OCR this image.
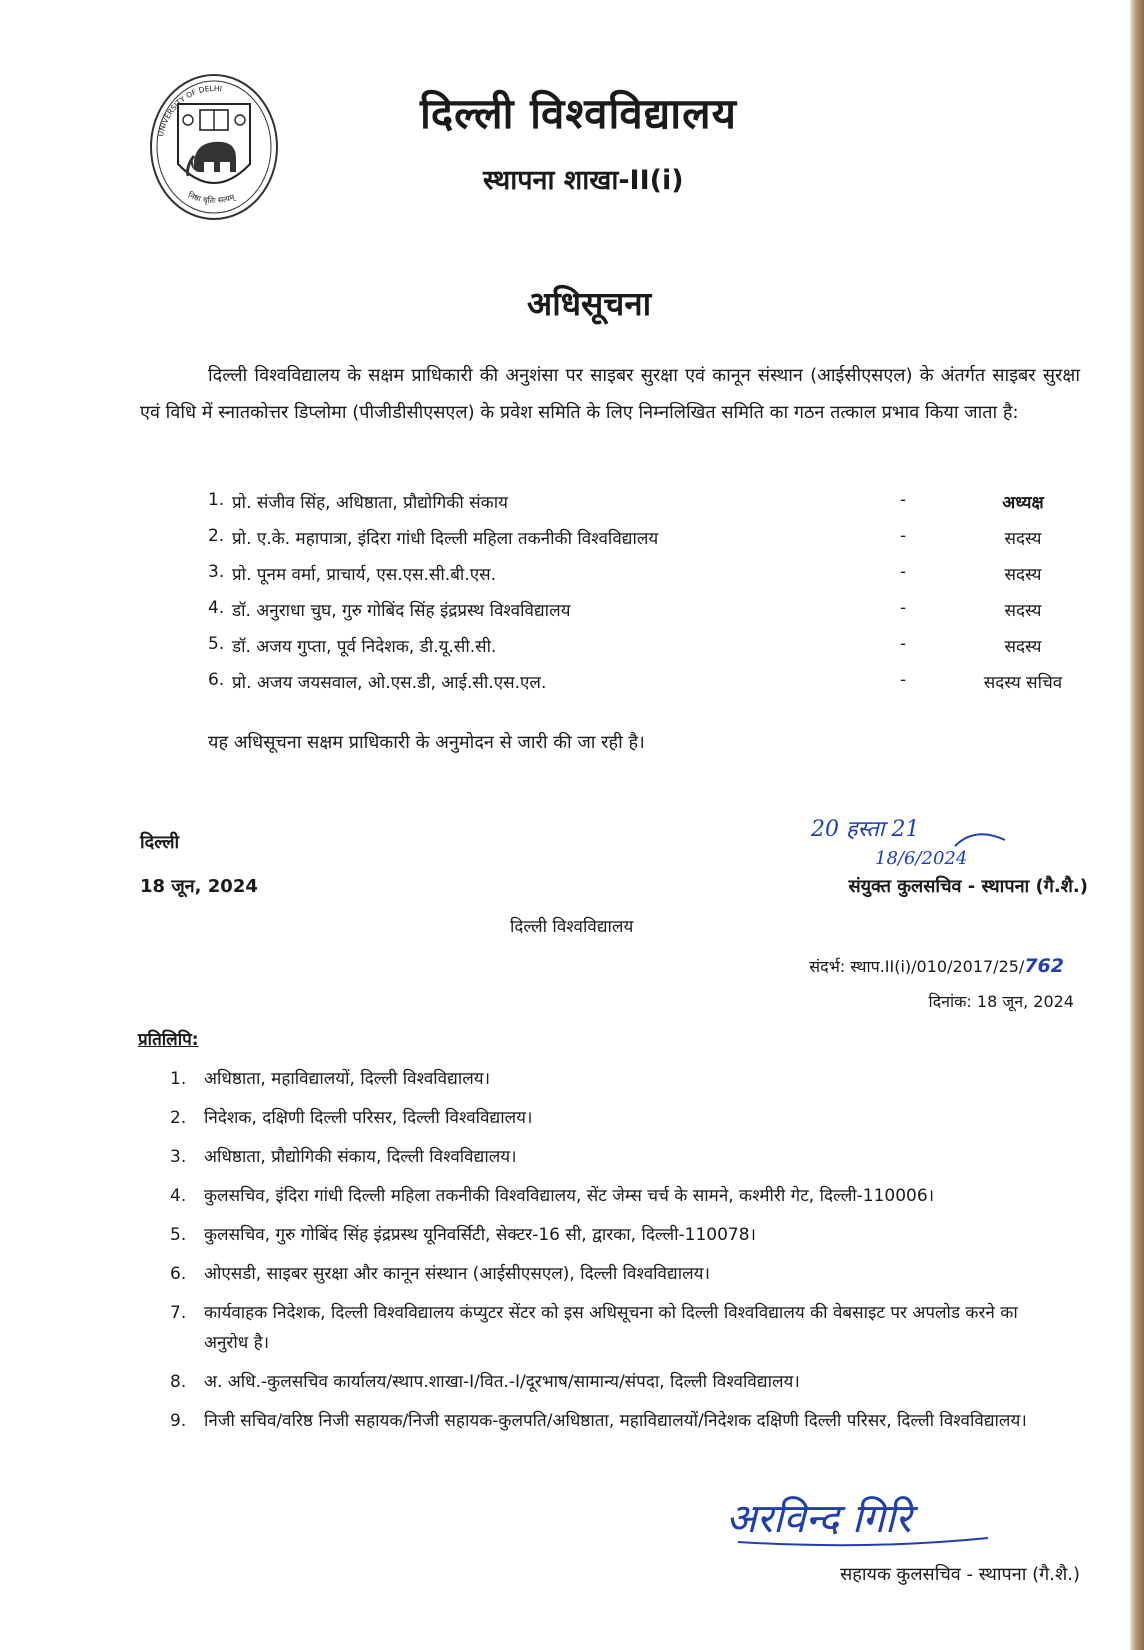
UNIVERSITY OF DELHI
निष्ठा धृतिः सत्यम्
दिल्ली विश्वविद्यालय
स्थापना शाखा-II(i)
अधिसूचना

दिल्ली विश्वविद्यालय के सक्षम प्राधिकारी की अनुशंसा पर साइबर सुरक्षा एवं कानून संस्थान (आईसीएसएल) के अंतर्गत साइबर सुरक्षा एवं विधि में स्नातकोत्तर डिप्लोमा (पीजीडीसीएसएल) के प्रवेश समिति के लिए निम्नलिखित समिति का गठन तत्काल प्रभाव किया जाता है:

1. प्रो. संजीव सिंह, अधिष्ठाता, प्रौद्योगिकी संकाय	-	अध्यक्ष
2. प्रो. ए.के. महापात्रा, इंदिरा गांधी दिल्ली महिला तकनीकी विश्वविद्यालय	-	सदस्य
3. प्रो. पूनम वर्मा, प्राचार्य, एस.एस.सी.बी.एस.	-	सदस्य
4. डॉ. अनुराधा चुघ, गुरु गोबिंद सिंह इंद्रप्रस्थ विश्वविद्यालय	-	सदस्य
5. डॉ. अजय गुप्ता, पूर्व निदेशक, डी.यू.सी.सी.	-	सदस्य
6. प्रो. अजय जयसवाल, ओ.एस.डी, आई.सी.एस.एल.	-	सदस्य सचिव

यह अधिसूचना सक्षम प्राधिकारी के अनुमोदन से जारी की जा रही है।

दिल्ली

18 जून, 2024

20 हस्ता 21
18/6/2024

संयुक्त कुलसचिव - स्थापना (गै.शै.)

दिल्ली विश्वविद्यालय

संदर्भ: स्थाप.II(i)/010/2017/25/762

दिनांक: 18 जून, 2024

प्रतिलिपि:

1. अधिष्ठाता, महाविद्यालयों, दिल्ली विश्वविद्यालय।
2. निदेशक, दक्षिणी दिल्ली परिसर, दिल्ली विश्वविद्यालय।
3. अधिष्ठाता, प्रौद्योगिकी संकाय, दिल्ली विश्वविद्यालय।
4. कुलसचिव, इंदिरा गांधी दिल्ली महिला तकनीकी विश्वविद्यालय, सेंट जेम्स चर्च के सामने, कश्मीरी गेट, दिल्ली-110006।
5. कुलसचिव, गुरु गोबिंद सिंह इंद्रप्रस्थ यूनिवर्सिटी, सेक्टर-16 सी, द्वारका, दिल्ली-110078।
6. ओएसडी, साइबर सुरक्षा और कानून संस्थान (आईसीएसएल), दिल्ली विश्वविद्यालय।
7. कार्यवाहक निदेशक, दिल्ली विश्वविद्यालय कंप्युटर सेंटर को इस अधिसूचना को दिल्ली विश्वविद्यालय की वेबसाइट पर अपलोड करने का अनुरोध है।
8. अ. अधि.-कुलसचिव कार्यालय/स्थाप.शाखा-I/वित.-I/दूरभाष/सामान्य/संपदा, दिल्ली विश्वविद्यालय।
9. निजी सचिव/वरिष्ठ निजी सहायक/निजी सहायक-कुलपति/अधिष्ठाता, महाविद्यालयों/निदेशक दक्षिणी दिल्ली परिसर, दिल्ली विश्वविद्यालय।
अरविन्द गिरि

सहायक कुलसचिव - स्थापना (गै.शै.)
